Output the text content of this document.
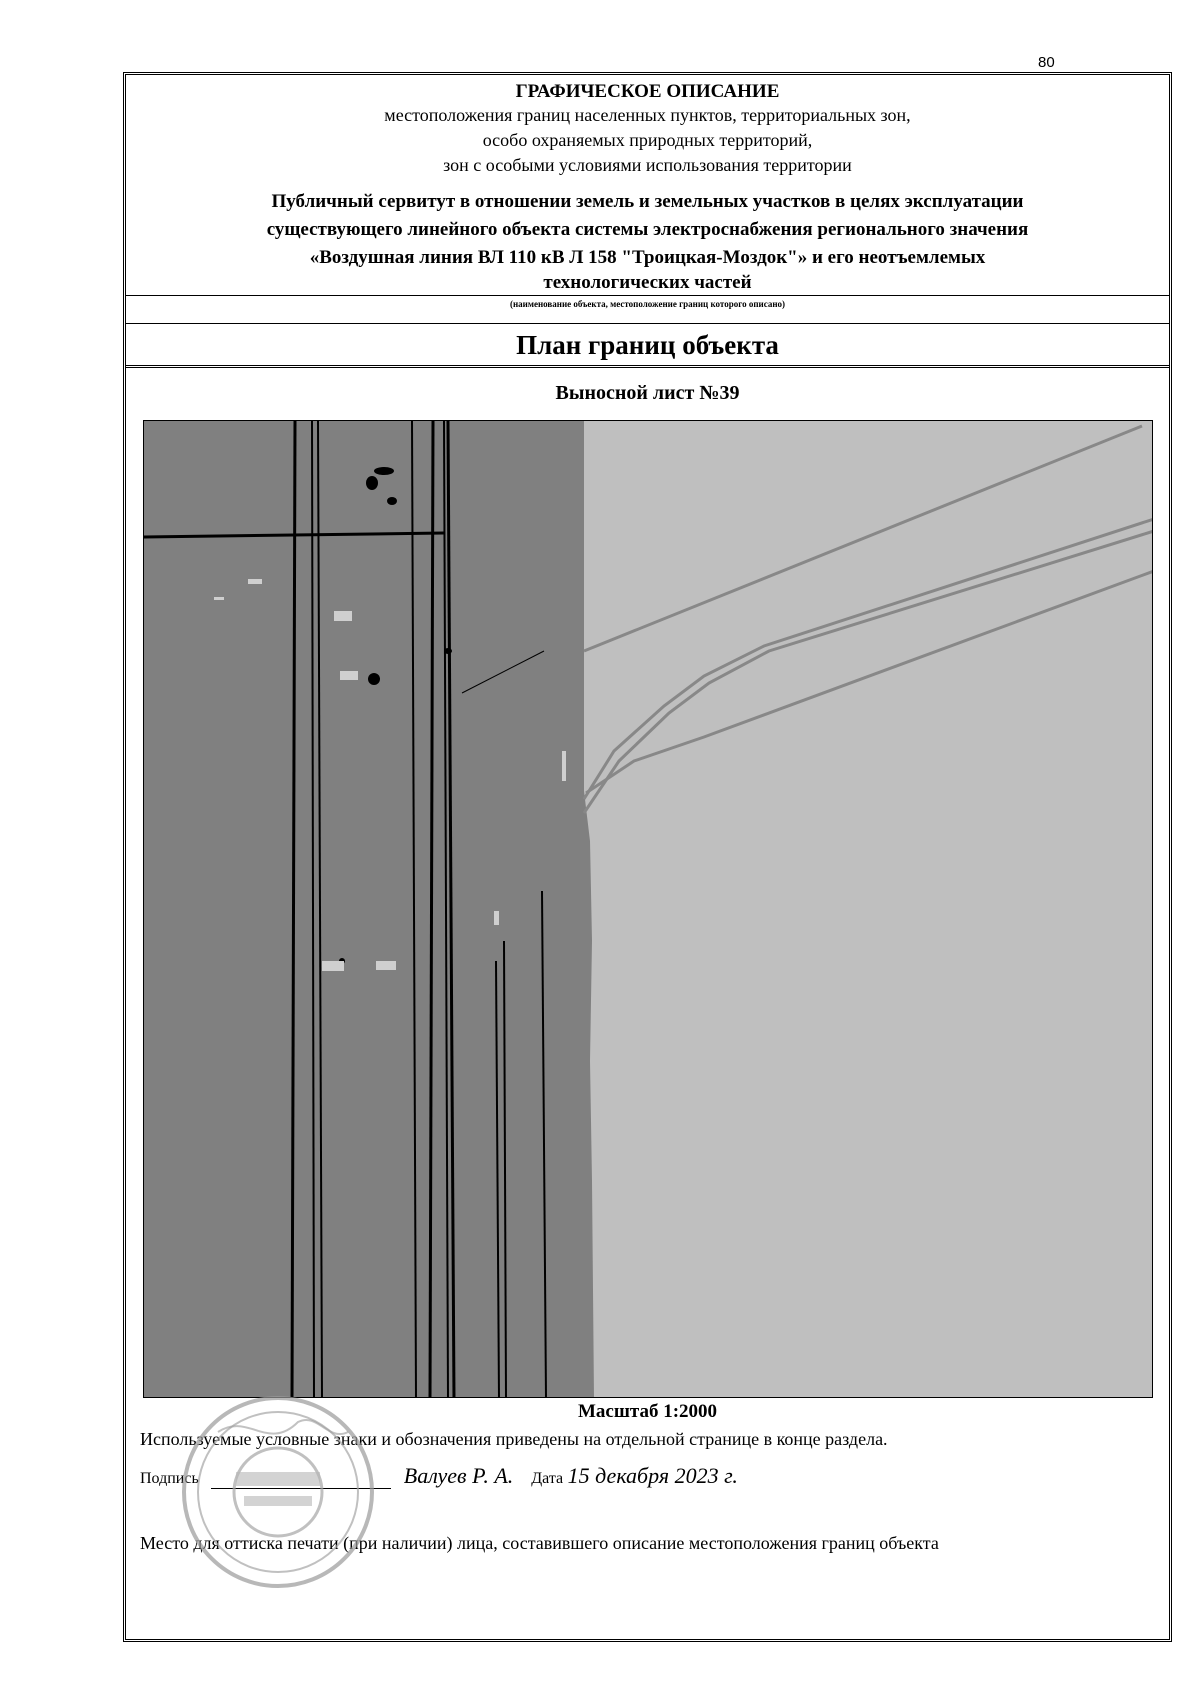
80
ГРАФИЧЕСКОЕ ОПИСАНИЕ
местоположения границ населенных пунктов, территориальных зон,
особо охраняемых природных территорий,
зон с особыми условиями использования территории
Публичный сервитут в отношении земель и земельных участков в целях эксплуатации
существующего линейного объекта системы электроснабжения регионального значения
«Воздушная линия ВЛ 110 кВ Л 158 "Троицкая-Моздок"» и его неотъемлемых
технологических частей
(наименование объекта, местоположение границ которого описано)
План границ объекта
Выносной лист №39
Масштаб 1:2000
Используемые условные знаки и обозначения приведены на отдельной странице в конце раздела.
Подпись	Валуев Р. А. Дата 15 декабря 2023 г.
Место для оттиска печати (при наличии) лица, составившего описание местоположения границ объекта
